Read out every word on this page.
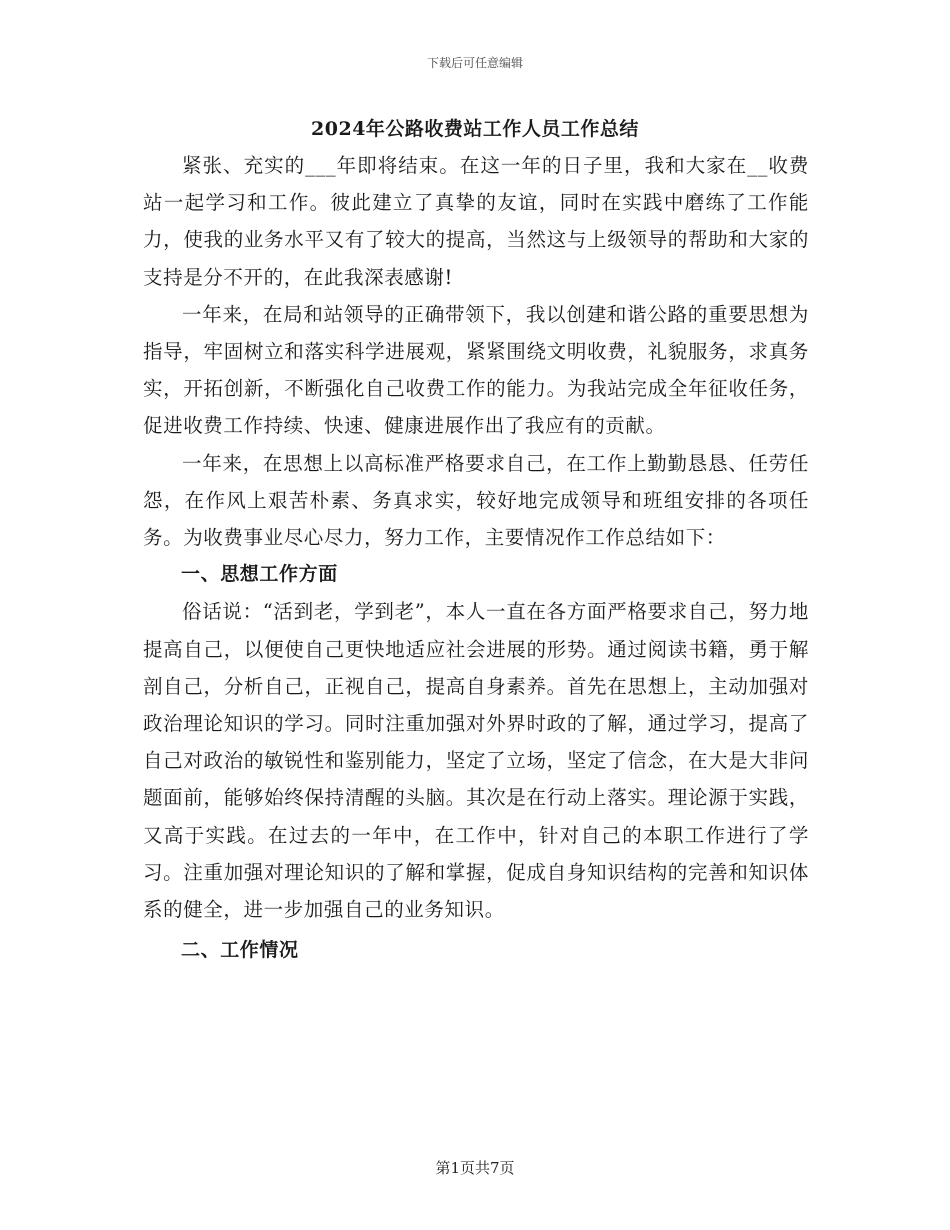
下载后可任意编辑
2024年公路收费站工作人员工作总结

紧张、充实的___年即将结束。在这一年的日子里，我和大家在__收费站一起学习和工作。彼此建立了真挚的友谊，同时在实践中磨练了工作能力，使我的业务水平又有了较大的提高，当然这与上级领导的帮助和大家的支持是分不开的，在此我深表感谢!

一年来，在局和站领导的正确带领下，我以创建和谐公路的重要思想为指导，牢固树立和落实科学进展观，紧紧围绕文明收费，礼貌服务，求真务实，开拓创新，不断强化自己收费工作的能力。为我站完成全年征收任务，促进收费工作持续、快速、健康进展作出了我应有的贡献。

一年来，在思想上以高标准严格要求自己，在工作上勤勤恳恳、任劳任怨，在作风上艰苦朴素、务真求实，较好地完成领导和班组安排的各项任务。为收费事业尽心尽力，努力工作，主要情况作工作总结如下：

一、思想工作方面

俗话说：“活到老，学到老”，本人一直在各方面严格要求自己，努力地提高自己，以便使自己更快地适应社会进展的形势。通过阅读书籍，勇于解剖自己，分析自己，正视自己，提高自身素养。首先在思想上，主动加强对政治理论知识的学习。同时注重加强对外界时政的了解，通过学习，提高了自己对政治的敏锐性和鉴别能力，坚定了立场，坚定了信念，在大是大非问题面前，能够始终保持清醒的头脑。其次是在行动上落实。理论源于实践，又高于实践。在过去的一年中，在工作中，针对自己的本职工作进行了学习。注重加强对理论知识的了解和掌握，促成自身知识结构的完善和知识体系的健全，进一步加强自己的业务知识。

二、工作情况

第1页共7页
